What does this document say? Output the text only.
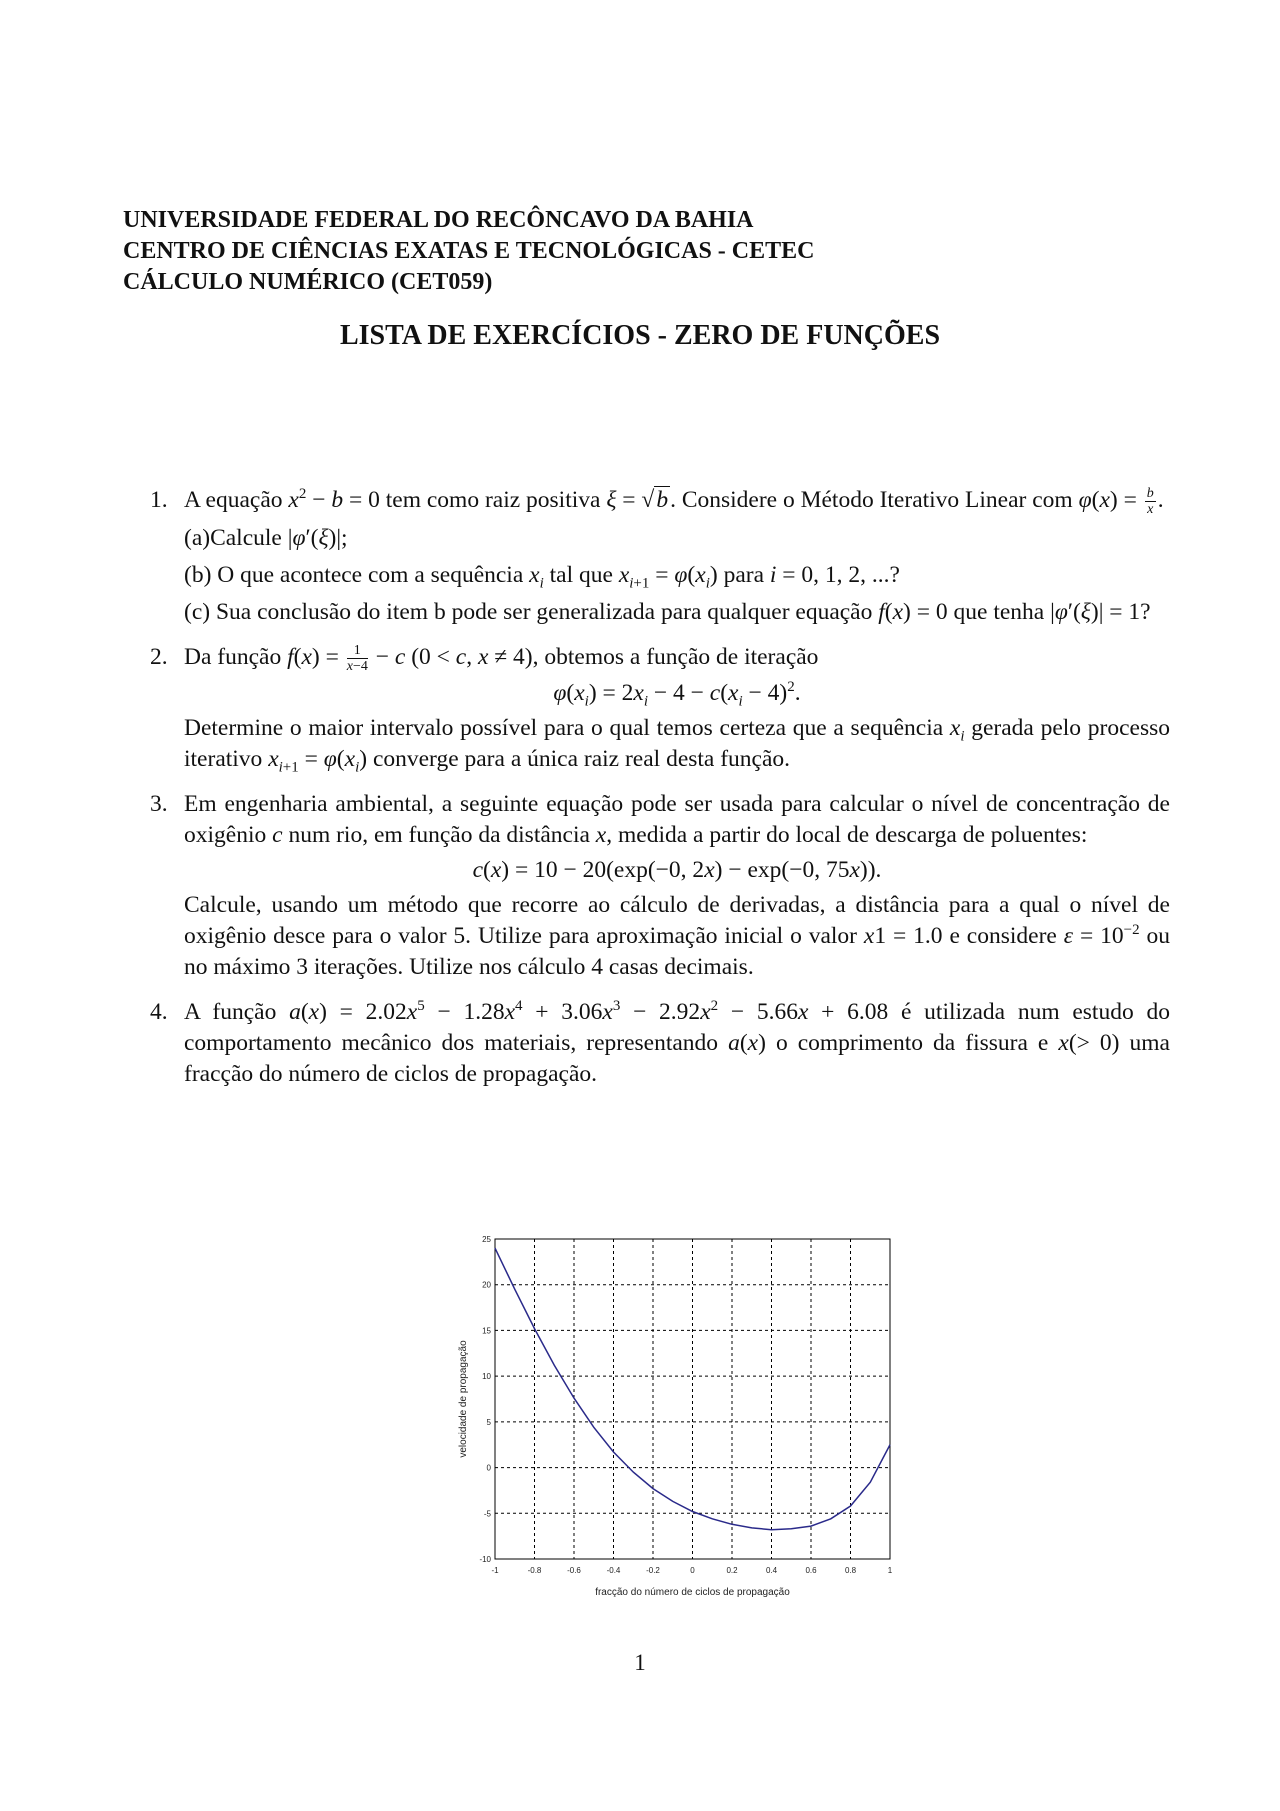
UNIVERSIDADE FEDERAL DO RECÔNCAVO DA BAHIA
CENTRO DE CIÊNCIAS EXATAS E TECNOLÓGICAS - CETEC
CÁLCULO NUMÉRICO (CET059)
LISTA DE EXERCÍCIOS - ZERO DE FUNÇÕES
1. A equação $x^2 - b = 0$ tem como raiz positiva ξ = √b. Considere o Método Iterativo Linear com $\varphi(x) = \frac{b}{x}$ .
(a)Calcule |φ′(ξ)|;
(b) O que acontece com a sequência $x_i$ tal que $x_{i+1} = \varphi(x_i)$ para i = 0, 1, 2, ...?
(c) Sua conclusão do item b pode ser generalizada para qualquer equação f(x) = 0 que tenha |φ′(ξ)| = 1?
2. Da função $f(x) = \frac{1}{x-4} - c$ (0 < c, x ≠ 4), obtemos a função de iteração
$\varphi(x_i) = 2x_i - 4 - c(x_i - 4)^2$.
Determine o maior intervalo possível para o qual temos certeza que a sequência $x_i$ gerada pelo processo iterativo $x_{i+1} = \varphi(x_i)$ converge para a única raiz real desta função.
3. Em engenharia ambiental, a seguinte equação pode ser usada para calcular o nível de concentração de oxigênio c num rio, em função da distância x, medida a partir do local de descarga de poluentes:
c(x) = 10 − 20(exp(−0, 2x) − exp(−0, 75x)).
Calcule, usando um método que recorre ao cálculo de derivadas, a distância para a qual o nível de oxigênio desce para o valor 5. Utilize para aproximação inicial o valor x1 = 1.0 e considere $\varepsilon = 10^{-2}$ ou no máximo 3 iterações. Utilize nos cálculo 4 casas decimais.
4. A função $a(x) = 2.02x^5 - 1.28x^4 + 3.06x^3 - 2.92x^2 - 5.66x + 6.08$ é utilizada num estudo do comportamento mecânico dos materiais, representando a(x) o comprimento da fissura e x(> 0) uma fracção do número de ciclos de propagação.
-1	-0.8	-0.6	-0.4	-0.2	0	0.2	0.4	0.6	0.8	1
25
20
15
10
5
0
-5
-10
fracção do número de ciclos de propagação
velocidade de propagação
1
